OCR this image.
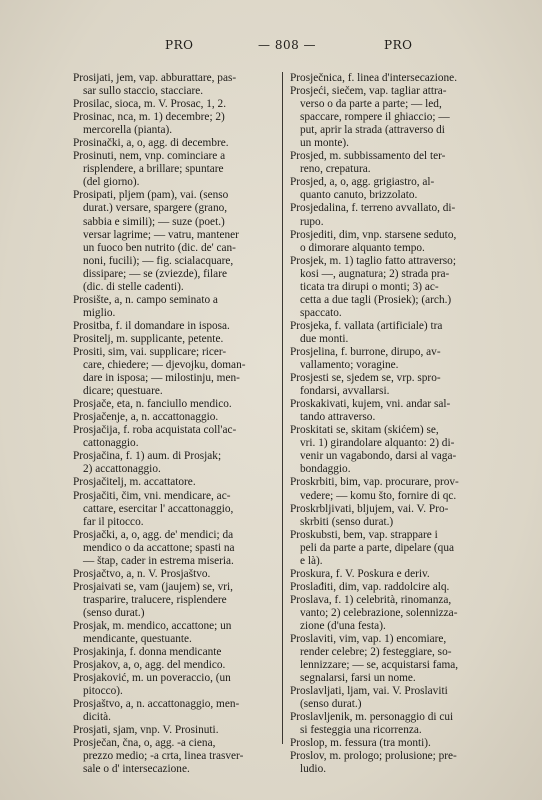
PRO	— 808 —	PRO
Prosijati, jem, vap. abburattare, pas-
sar sullo staccio, stacciare.
Prosilac, sioca, m. V. Prosac, 1, 2.
Prosinac, nca, m. 1) decembre; 2)
mercorella (pianta).
Prosinački, a, o, agg. di decembre.
Prosinuti, nem, vnp. cominciare a
risplendere, a brillare; spuntare
(del giorno).
Prosipati, pljem (pam), vai. (senso
durat.) versare, spargere (grano,
sabbia e simili); — suze (poet.)
versar lagrime; — vatru, mantener
un fuoco ben nutrito (dic. de' can-
noni, fucili); — fig. scialacquare,
dissipare; — se (zviezde), filare
(dic. di stelle cadenti).
Prosište, a, n. campo seminato a
miglio.
Prositba, f. il domandare in isposa.
Prositelj, m. supplicante, petente.
Prositi, sim, vai. supplicare; ricer-
care, chiedere; — djevojku, doman-
dare in isposa; — milostinju, men-
dicare; questuare.
Prosjače, eta, n. fanciullo mendico.
Prosjačenje, a, n. accattonaggio.
Prosjačija, f. roba acquistata coll'ac-
cattonaggio.
Prosjačina, f. 1) aum. di Prosjak;
2) accattonaggio.
Prosjačitelj, m. accattatore.
Prosjačiti, čim, vni. mendicare, ac-
cattare, esercitar l' accattonaggio,
far il pitocco.
Prosjački, a, o, agg. de' mendici; da
mendico o da accattone; spasti na
— štap, cader in estrema miseria.
Prosjačtvo, a, n. V. Prosjaštvo.
Prosjaivati se, vam (jaujem) se, vri,
trasparire, tralucere, risplendere
(senso durat.)
Prosjak, m. mendico, accattone; un
mendicante, questuante.
Prosjakinja, f. donna mendicante
Prosjakov, a, o, agg. del mendico.
Prosjaković, m. un poveraccio, (un
pitocco).
Prosjaštvo, a, n. accattonaggio, men-
dicità.
Prosjati, sjam, vnp. V. Prosinuti.
Prosječan, čna, o, agg. -a ciena,
prezzo medio; -a crta, linea trasver-
sale o d' intersecazione.
Prosječnica, f. linea d'intersecazione.
Prosjeći, siečem, vap. tagliar attra-
verso o da parte a parte; — led,
spaccare, rompere il ghiaccio; —
put, aprir la strada (attraverso di
un monte).
Prosjed, m. subbissamento del ter-
reno, crepatura.
Prosjed, a, o, agg. grigiastro, al-
quanto canuto, brizzolato.
Prosjedalina, f. terreno avvallato, di-
rupo.
Prosjediti, dim, vnp. starsene seduto,
o dimorare alquanto tempo.
Prosjek, m. 1) taglio fatto attraverso;
kosi —, augnatura; 2) strada pra-
ticata tra dirupi o monti; 3) ac-
cetta a due tagli (Prosiek); (arch.)
spaccato.
Prosjeka, f. vallata (artificiale) tra
due monti.
Prosjelina, f. burrone, dirupo, av-
vallamento; voragine.
Prosjesti se, sjedem se, vrp. spro-
fondarsi, avvallarsi.
Proskakivati, kujem, vni. andar sal-
tando attraverso.
Proskitati se, skitam (skićem) se,
vri. 1) girandolare alquanto: 2) di-
venir un vagabondo, darsi al vaga-
bondaggio.
Proskrbiti, bim, vap. procurare, prov-
vedere; — komu što, fornire di qc.
Proskrbljivati, bljujem, vai. V. Pro-
skrbiti (senso durat.)
Proskubsti, bem, vap. strappare i
peli da parte a parte, dipelare (qua
e là).
Proskura, f. V. Poskura e deriv.
Proslađiti, dim, vap. raddolcire alq.
Proslava, f. 1) celebrità, rinomanza,
vanto; 2) celebrazione, solennizza-
zione (d'una festa).
Proslaviti, vim, vap. 1) encomiare,
render celebre; 2) festeggiare, so-
lennizzare; — se, acquistarsi fama,
segnalarsi, farsi un nome.
Proslavljati, ljam, vai. V. Proslaviti
(senso durat.)
Proslavljenik, m. personaggio di cui
si festeggia una ricorrenza.
Proslop, m. fessura (tra monti).
Proslov, m. prologo; prolusione; pre-
ludio.
